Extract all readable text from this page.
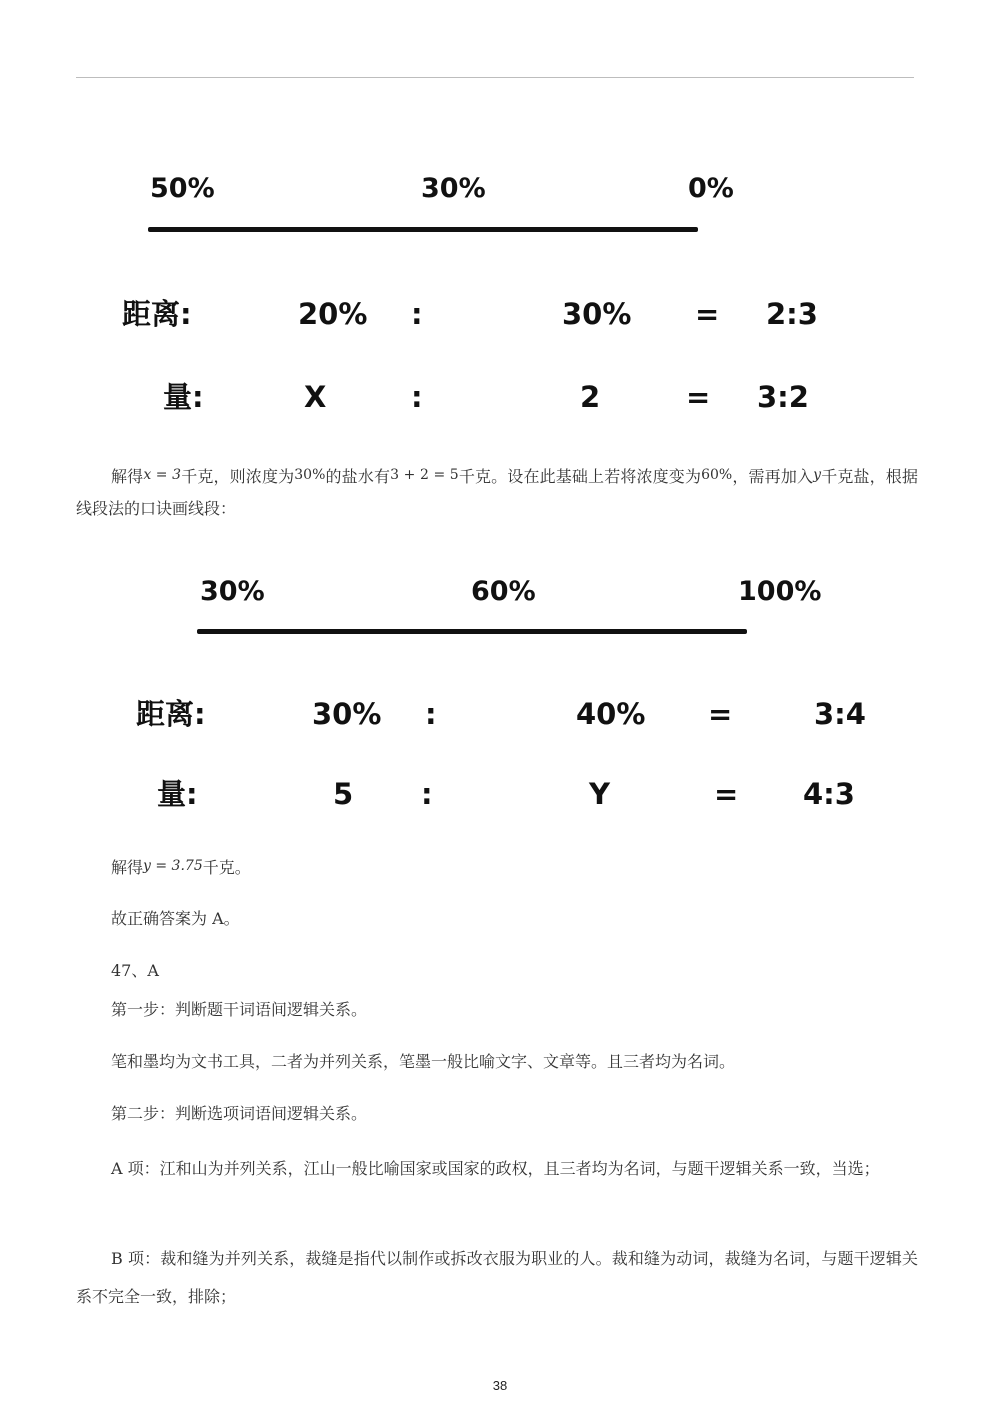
50%	30%	0%
距离:	20% :	30% = 2:3
量:	X	:	2	= 3:2

解得x = 3千克，则浓度为30%的盐水有3 + 2 = 5千克。设在此基础上若将浓度变为60%，需再加入y千克盐，根据线段法的口诀画线段：

30%	60%	100%
距离:	30% :	40% =	3:4
量:	5 :	Y	= 4:3

解得y = 3.75千克。

故正确答案为 A。

47、A

第一步：判断题干词语间逻辑关系。

笔和墨均为文书工具，二者为并列关系，笔墨一般比喻文字、文章等。且三者均为名词。

第二步：判断选项词语间逻辑关系。

A 项：江和山为并列关系，江山一般比喻国家或国家的政权，且三者均为名词，与题干逻辑关系一致，当选；

B 项：裁和缝为并列关系，裁缝是指代以制作或拆改衣服为职业的人。裁和缝为动词，裁缝为名词，与题干逻辑关系不完全一致，排除；

38
